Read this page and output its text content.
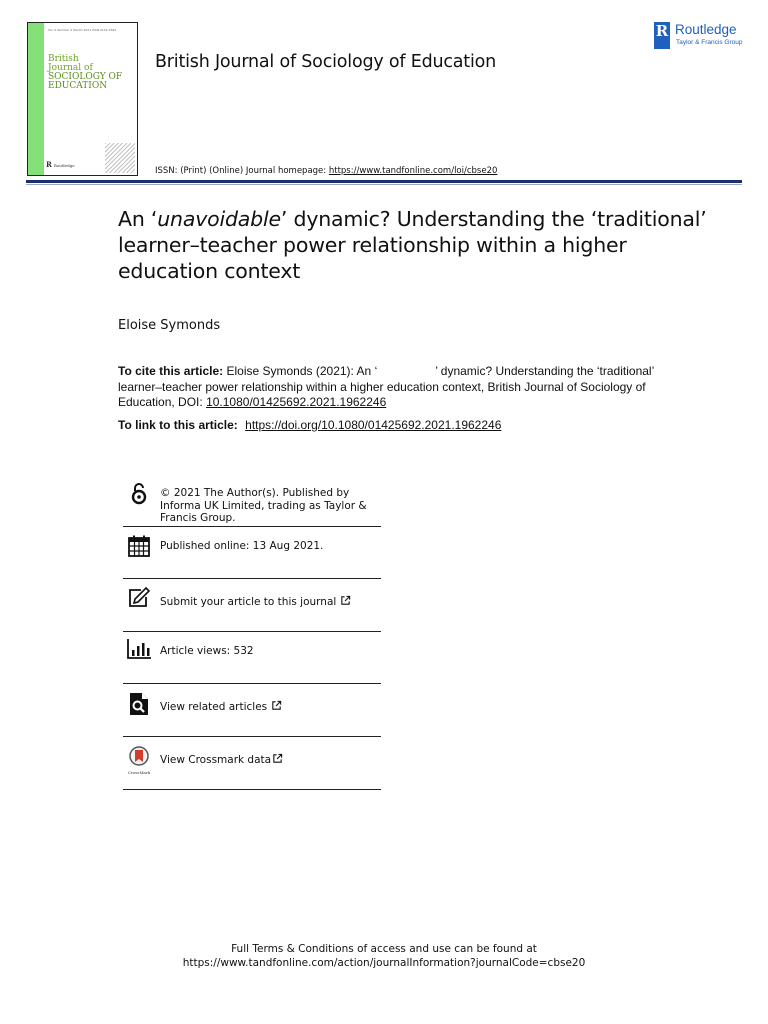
Vol. 0 Number 0 Month 2021 ISSN 0142-5692
British
Journal of
SOCIOLOGY OF
EDUCATION
R Routledge
British Journal of Sociology of Education
ISSN: (Print) (Online) Journal homepage: https://www.tandfonline.com/loi/cbse20
R Routledge
Taylor & Francis Group
An ‘unavoidable’ dynamic? Understanding the ‘traditional’ learner–teacher power relationship within a higher education context
Eloise Symonds
To cite this article: Eloise Symonds (2021): An ‘	’ dynamic? Understanding the ‘traditional’ learner–teacher power relationship within a higher education context, British Journal of Sociology of Education, DOI: 10.1080/01425692.2021.1962246
To link to this article: https://doi.org/10.1080/01425692.2021.1962246
© 2021 The Author(s). Published by Informa UK Limited, trading as Taylor & Francis Group.
Published online: 13 Aug 2021.
Submit your article to this journal
Article views: 532
View related articles
CrossMark
View Crossmark data
Full Terms & Conditions of access and use can be found at
https://www.tandfonline.com/action/journalInformation?journalCode=cbse20
